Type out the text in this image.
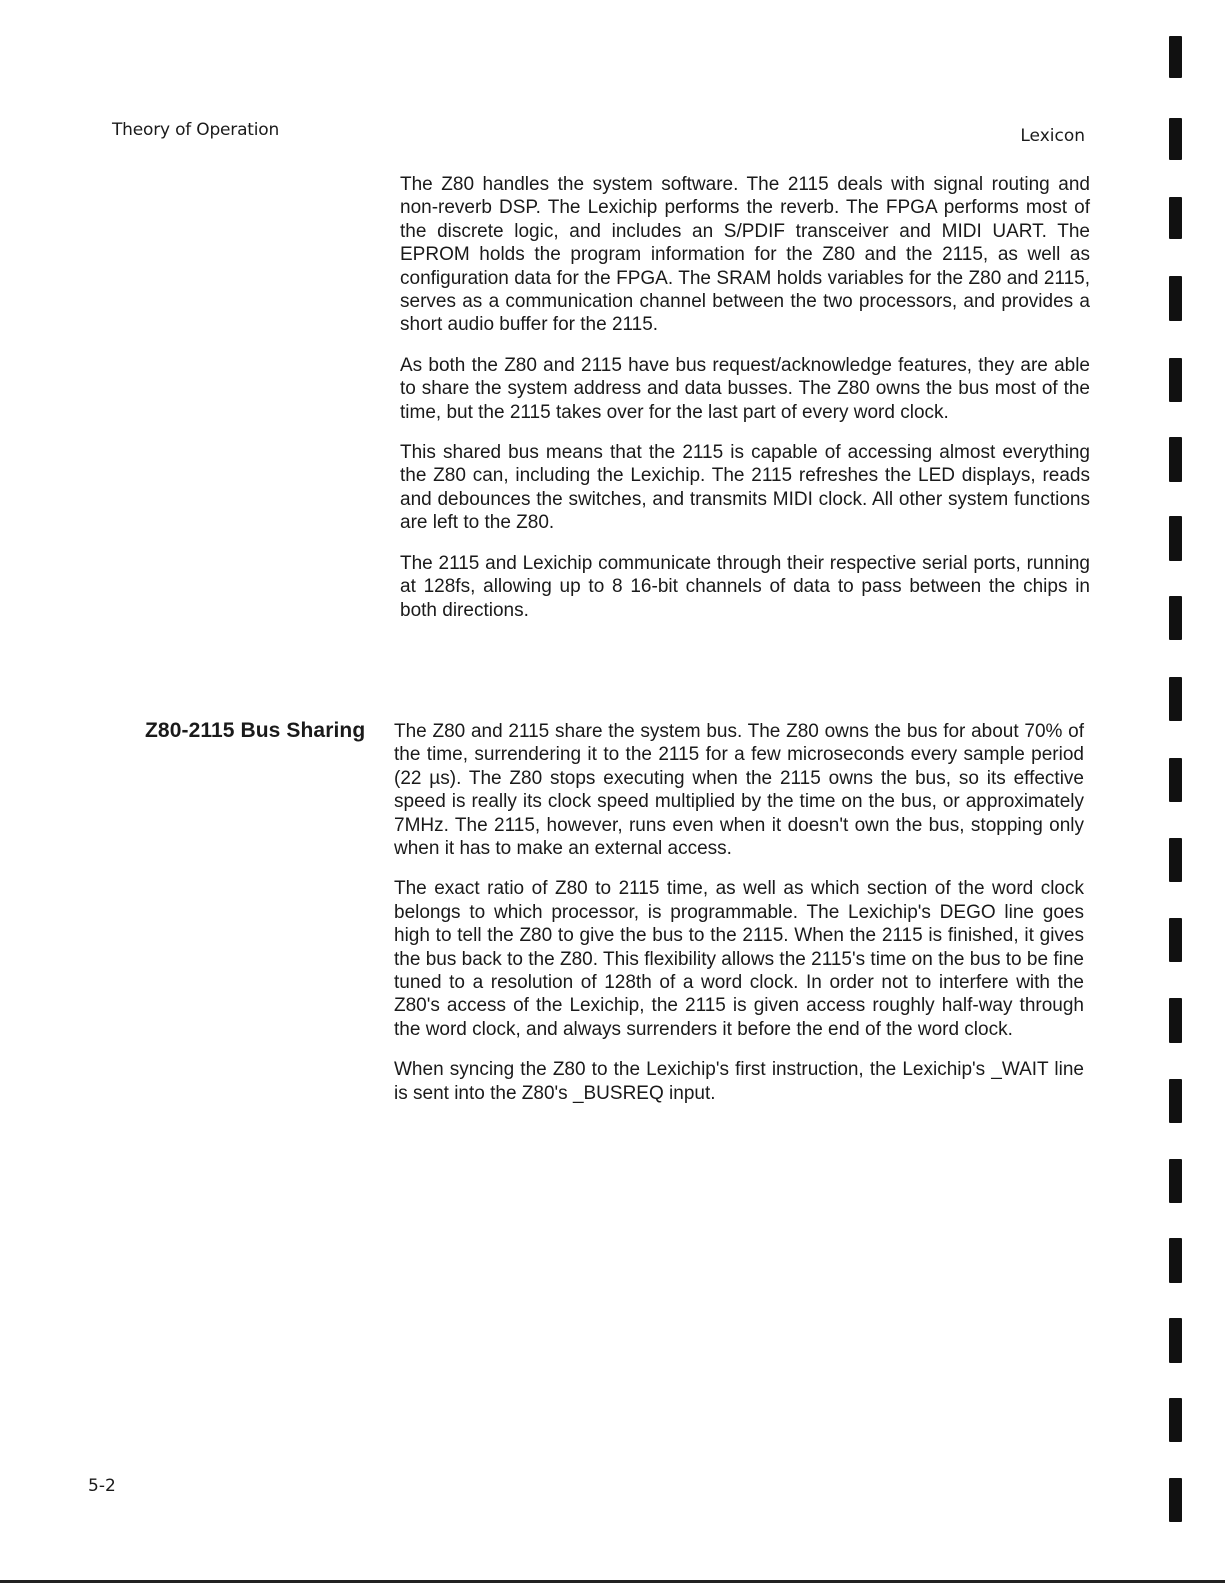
Theory of Operation	Lexicon

The Z80 handles the system software. The 2115 deals with signal routing and non-reverb DSP. The Lexichip performs the reverb. The FPGA performs most of the discrete logic, and includes an S/PDIF transceiver and MIDI UART. The EPROM holds the program information for the Z80 and the 2115, as well as configuration data for the FPGA. The SRAM holds variables for the Z80 and 2115, serves as a communication channel between the two processors, and provides a short audio buffer for the 2115.

As both the Z80 and 2115 have bus request/acknowledge features, they are able to share the system address and data busses. The Z80 owns the bus most of the time, but the 2115 takes over for the last part of every word clock.

This shared bus means that the 2115 is capable of accessing almost everything the Z80 can, including the Lexichip. The 2115 refreshes the LED displays, reads and debounces the switches, and transmits MIDI clock. All other system functions are left to the Z80.

The 2115 and Lexichip communicate through their respective serial ports, running at 128fs, allowing up to 8 16-bit channels of data to pass between the chips in both directions.

Z80-2115 Bus Sharing The Z80 and 2115 share the system bus. The Z80 owns the bus for about 70% of the time, surrendering it to the 2115 for a few microseconds every sample period (22 µs). The Z80 stops executing when the 2115 owns the bus, so its effective speed is really its clock speed multiplied by the time on the bus, or approximately 7MHz. The 2115, however, runs even when it doesn't own the bus, stopping only when it has to make an external access.

The exact ratio of Z80 to 2115 time, as well as which section of the word clock belongs to which processor, is programmable. The Lexichip's DEGO line goes high to tell the Z80 to give the bus to the 2115. When the 2115 is finished, it gives the bus back to the Z80. This flexibility allows the 2115's time on the bus to be fine tuned to a resolution of 128th of a word clock. In order not to interfere with the Z80's access of the Lexichip, the 2115 is given access roughly half-way through the word clock, and always surrenders it before the end of the word clock.

When syncing the Z80 to the Lexichip's first instruction, the Lexichip's _WAIT line is sent into the Z80's _BUSREQ input.

5-2
